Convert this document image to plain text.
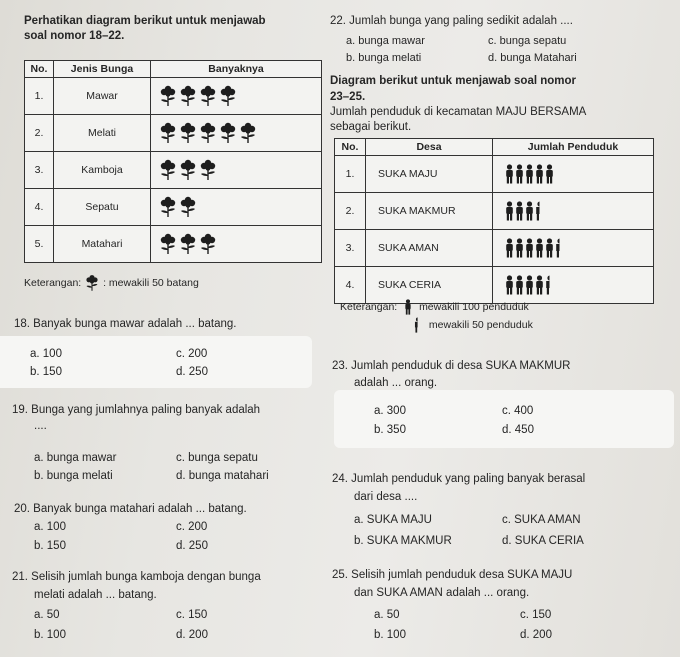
Perhatikan diagram berikut untuk menjawab
soal nomor 18–22.
No.	Jenis Bunga	Banyaknya
1.	Mawar	
2.	Melati	
3.	Kamboja	
4.	Sepatu	
5.	Matahari	
Keterangan: : mewakili 50 batang
18. Banyak bunga mawar adalah ... batang.
a. 100
b. 150
c. 200
d. 250
19. Bunga yang jumlahnya paling banyak adalah
....
a. bunga mawar
b. bunga melati
c. bunga sepatu
d. bunga matahari
20. Banyak bunga matahari adalah ... batang.
a. 100
b. 150
c. 200
d. 250
21. Selisih jumlah bunga kamboja dengan bunga
melati adalah ... batang.
a. 50
b. 100
c. 150
d. 200
22. Jumlah bunga yang paling sedikit adalah ....
a. bunga mawar
b. bunga melati
c. bunga sepatu
d. bunga Matahari
Diagram berikut untuk menjawab soal nomor
23–25.
Jumlah penduduk di kecamatan MAJU BERSAMA
sebagai berikut.
No.	Desa	Jumlah Penduduk
1.	SUKA MAJU	
2.	SUKA MAKMUR	
3.	SUKA AMAN	
4.	SUKA CERIA	
Keterangan: mewakili 100 penduduk
mewakili 50 penduduk
23. Jumlah penduduk di desa SUKA MAKMUR
adalah ... orang.
a. 300
b. 350
c. 400
d. 450
24. Jumlah penduduk yang paling banyak berasal
dari desa ....
a. SUKA MAJU
b. SUKA MAKMUR
c. SUKA AMAN
d. SUKA CERIA
25. Selisih jumlah penduduk desa SUKA MAJU
dan SUKA AMAN adalah ... orang.
a. 50
b. 100
c. 150
d. 200
